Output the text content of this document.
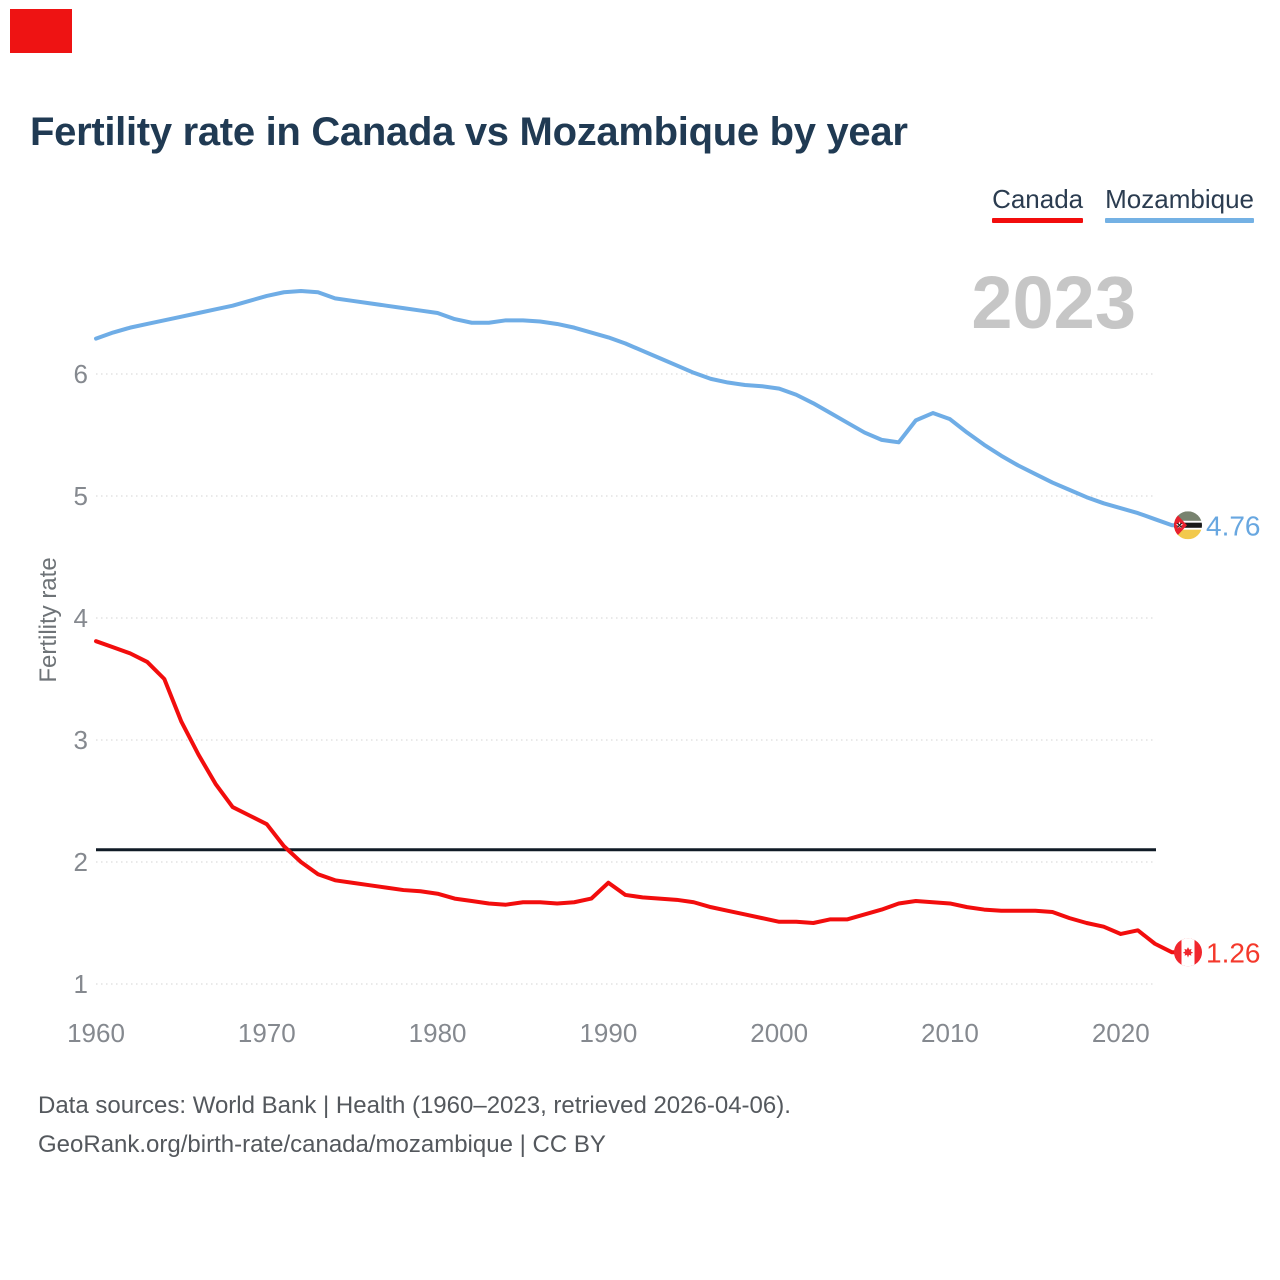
Fertility rate in Canada vs Mozambique by year
Canada Mozambique
2023
Fertility rate
1
2
3
4
5
6
1960	1970	1980	1990	2000	2010	2020
4.76
1.26

Data sources: World Bank | Health (1960–2023, retrieved 2026-04-06).

GeoRank.org/birth-rate/canada/mozambique | CC BY
